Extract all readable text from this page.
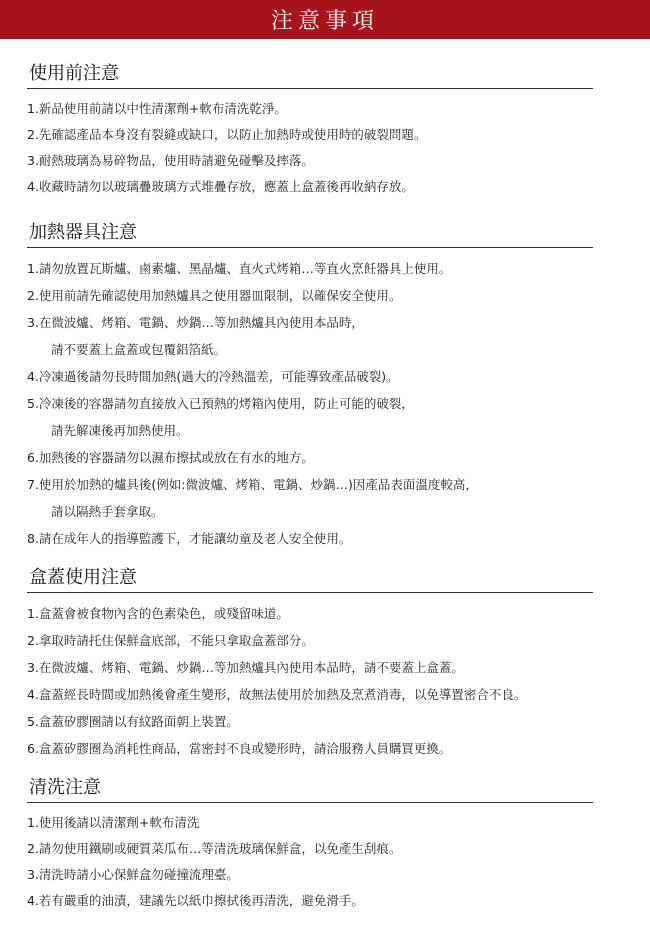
注意事項
使用前注意
1.新品使用前請以中性清潔劑+軟布清洗乾淨。
2.先確認產品本身沒有裂縫或缺口，以防止加熱時或使用時的破裂問題。
3.耐熱玻璃為易碎物品，使用時請避免碰擊及摔落。
4.收藏時請勿以玻璃疊玻璃方式堆疊存放，應蓋上盒蓋後再收納存放。
加熱器具注意
1.請勿放置瓦斯爐、鹵素爐、黑晶爐、直火式烤箱…等直火烹飪器具上使用。
2.使用前請先確認使用加熱爐具之使用器皿限制，以確保安全使用。
3.在微波爐、烤箱、電鍋、炒鍋…等加熱爐具內使用本品時，
請不要蓋上盒蓋或包覆鋁箔紙。
4.冷凍過後請勿長時間加熱(過大的冷熱溫差，可能導致產品破裂)。
5.冷凍後的容器請勿直接放入已預熱的烤箱內使用，防止可能的破裂，
請先解凍後再加熱使用。
6.加熱後的容器請勿以濕布擦拭或放在有水的地方。
7.使用於加熱的爐具後(例如:微波爐、烤箱、電鍋、炒鍋…)因產品表面溫度較高，
請以隔熱手套拿取。
8.請在成年人的指導監護下，才能讓幼童及老人安全使用。
盒蓋使用注意
1.盒蓋會被食物內含的色素染色，或殘留味道。
2.拿取時請托住保鮮盒底部，不能只拿取盒蓋部分。
3.在微波爐、烤箱、電鍋、炒鍋…等加熱爐具內使用本品時，請不要蓋上盒蓋。
4.盒蓋經長時間或加熱後會產生變形，故無法使用於加熱及烹煮消毒，以免導置密合不良。
5.盒蓋矽膠圈請以有紋路面朝上裝置。
6.盒蓋矽膠圈為消耗性商品，當密封不良或變形時，請洽服務人員購買更換。
清洗注意
1.使用後請以清潔劑+軟布清洗
2.請勿使用鐵刷或硬質菜瓜布…等清洗玻璃保鮮盒，以免產生刮痕。
3.清洗時請小心保鮮盒勿碰撞流理臺。
4.若有嚴重的油漬，建議先以紙巾擦拭後再清洗，避免滑手。
